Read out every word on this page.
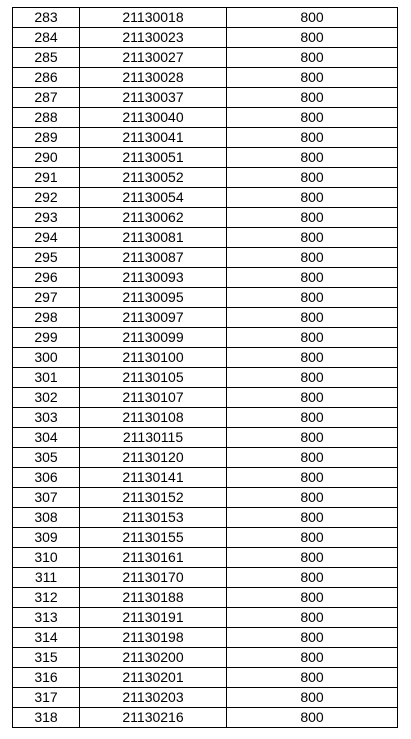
283	21130018	800
284	21130023	800
285	21130027	800
286	21130028	800
287	21130037	800
288	21130040	800
289	21130041	800
290	21130051	800
291	21130052	800
292	21130054	800
293	21130062	800
294	21130081	800
295	21130087	800
296	21130093	800
297	21130095	800
298	21130097	800
299	21130099	800
300	21130100	800
301	21130105	800
302	21130107	800
303	21130108	800
304	21130115	800
305	21130120	800
306	21130141	800
307	21130152	800
308	21130153	800
309	21130155	800
310	21130161	800
311	21130170	800
312	21130188	800
313	21130191	800
314	21130198	800
315	21130200	800
316	21130201	800
317	21130203	800
318	21130216	800
